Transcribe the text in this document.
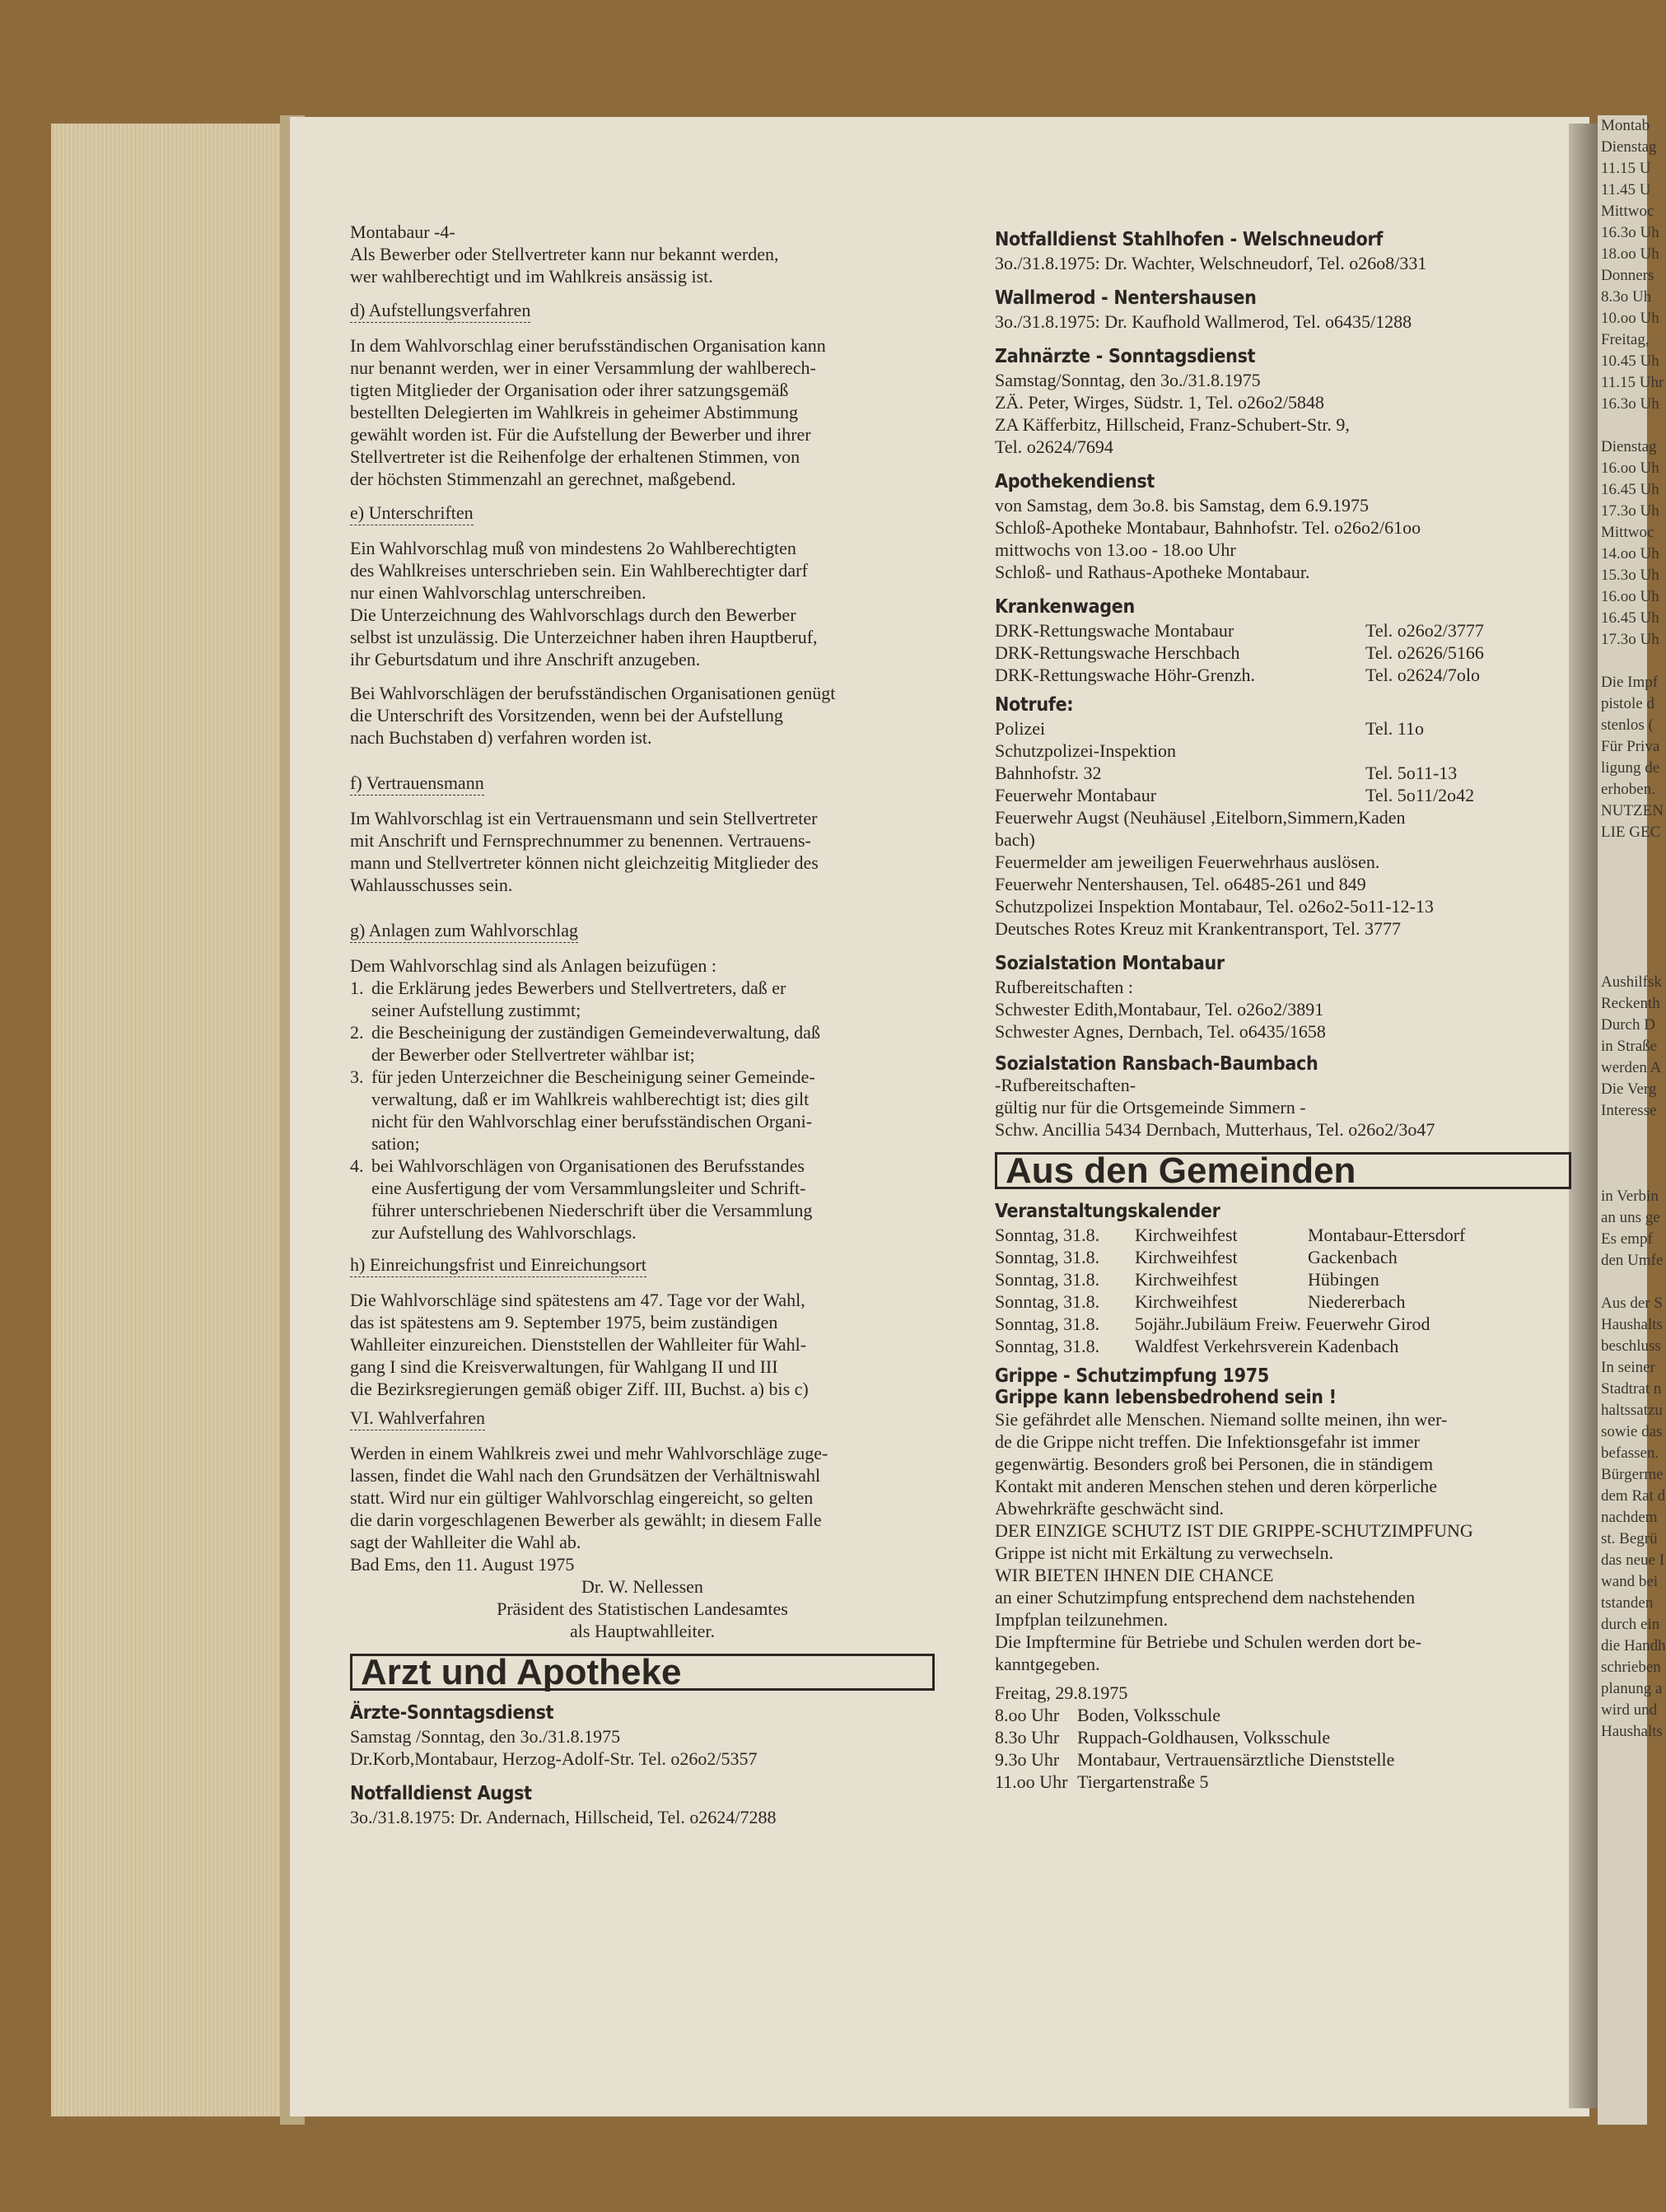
Montab
Dienstag
11.15 U
11.45 U
Mittwoc
16.3o Uh
18.oo Uh
Donners
8.3o Uh
10.oo Uh
Freitag,
10.45 Uh
11.15 Uhr
16.3o Uh

Dienstag
16.oo Uh
16.45 Uh
17.3o Uh
Mittwoc
14.oo Uh
15.3o Uh
16.oo Uh
16.45 Uh
17.3o Uh

Die Impf
pistole d
stenlos (
Für Priva
ligung de
erhoben.
NUTZEN
LIE GEC

Aushilfsk
Reckenth
Durch D
in Straße
werden A
Die Verg
Interesse

in Verbin
an uns ge
Es empf
den Umfe

Aus der S
Haushalts
beschluss
In seiner
Stadtrat n
haltssatzu
sowie das
befassen.
Bürgerme
dem Rat d
nachdem
st. Begrü
das neue I
wand bei
tstanden
durch ein
die Handh
schrieben
planung a
wird und
Haushalts
Montabaur -4-
Als Bewerber oder Stellvertreter kann nur bekannt werden,
wer wahlberechtigt und im Wahlkreis ansässig ist.
d) Aufstellungsverfahren
In dem Wahlvorschlag einer berufsständischen Organisation kann
nur benannt werden, wer in einer Versammlung der wahlberech-
tigten Mitglieder der Organisation oder ihrer satzungsgemäß
bestellten Delegierten im Wahlkreis in geheimer Abstimmung
gewählt worden ist. Für die Aufstellung der Bewerber und ihrer
Stellvertreter ist die Reihenfolge der erhaltenen Stimmen, von
der höchsten Stimmenzahl an gerechnet, maßgebend.
e) Unterschriften
Ein Wahlvorschlag muß von mindestens 2o Wahlberechtigten
des Wahlkreises unterschrieben sein. Ein Wahlberechtigter darf
nur einen Wahlvorschlag unterschreiben.
Die Unterzeichnung des Wahlvorschlags durch den Bewerber
selbst ist unzulässig. Die Unterzeichner haben ihren Hauptberuf,
ihr Geburtsdatum und ihre Anschrift anzugeben.
Bei Wahlvorschlägen der berufsständischen Organisationen genügt
die Unterschrift des Vorsitzenden, wenn bei der Aufstellung
nach Buchstaben d) verfahren worden ist.
f) Vertrauensmann
Im Wahlvorschlag ist ein Vertrauensmann und sein Stellvertreter
mit Anschrift und Fernsprechnummer zu benennen. Vertrauens-
mann und Stellvertreter können nicht gleichzeitig Mitglieder des
Wahlausschusses sein.
g) Anlagen zum Wahlvorschlag
Dem Wahlvorschlag sind als Anlagen beizufügen :
1. die Erklärung jedes Bewerbers und Stellvertreters, daß er
seiner Aufstellung zustimmt;
2. die Bescheinigung der zuständigen Gemeindeverwaltung, daß
der Bewerber oder Stellvertreter wählbar ist;
3. für jeden Unterzeichner die Bescheinigung seiner Gemeinde-
verwaltung, daß er im Wahlkreis wahlberechtigt ist; dies gilt
nicht für den Wahlvorschlag einer berufsständischen Organi-
sation;
4. bei Wahlvorschlägen von Organisationen des Berufsstandes
eine Ausfertigung der vom Versammlungsleiter und Schrift-
führer unterschriebenen Niederschrift über die Versammlung
zur Aufstellung des Wahlvorschlags.
h) Einreichungsfrist und Einreichungsort
Die Wahlvorschläge sind spätestens am 47. Tage vor der Wahl,
das ist spätestens am 9. September 1975, beim zuständigen
Wahlleiter einzureichen. Dienststellen der Wahlleiter für Wahl-
gang I sind die Kreisverwaltungen, für Wahlgang II und III
die Bezirksregierungen gemäß obiger Ziff. III, Buchst. a) bis c)
VI. Wahlverfahren
Werden in einem Wahlkreis zwei und mehr Wahlvorschläge zuge-
lassen, findet die Wahl nach den Grundsätzen der Verhältniswahl
statt. Wird nur ein gültiger Wahlvorschlag eingereicht, so gelten
die darin vorgeschlagenen Bewerber als gewählt; in diesem Falle
sagt der Wahlleiter die Wahl ab.
Bad Ems, den 11. August 1975
Dr. W. Nellessen
Präsident des Statistischen Landesamtes
als Hauptwahlleiter.
Arzt und Apotheke
Ärzte-Sonntagsdienst
Samstag /Sonntag, den 3o./31.8.1975
Dr.Korb,Montabaur, Herzog-Adolf-Str. Tel. o26o2/5357
Notfalldienst Augst
3o./31.8.1975: Dr. Andernach, Hillscheid, Tel. o2624/7288
Notfalldienst Stahlhofen - Welschneudorf
3o./31.8.1975: Dr. Wachter, Welschneudorf, Tel. o26o8/331
Wallmerod - Nentershausen
3o./31.8.1975: Dr. Kaufhold Wallmerod, Tel. o6435/1288
Zahnärzte - Sonntagsdienst
Samstag/Sonntag, den 3o./31.8.1975
ZÄ. Peter, Wirges, Südstr. 1, Tel. o26o2/5848
ZA Käfferbitz, Hillscheid, Franz-Schubert-Str. 9,
Tel. o2624/7694
Apothekendienst
von Samstag, dem 3o.8. bis Samstag, dem 6.9.1975
Schloß-Apotheke Montabaur, Bahnhofstr. Tel. o26o2/61oo
mittwochs von 13.oo - 18.oo Uhr
Schloß- und Rathaus-Apotheke Montabaur.
Krankenwagen
DRK-Rettungswache Montabaur	Tel. o26o2/3777
DRK-Rettungswache Herschbach	Tel. o2626/5166
DRK-Rettungswache Höhr-Grenzh.	Tel. o2624/7olo
Notrufe:
Polizei	Tel. 11o
Schutzpolizei-Inspektion
Bahnhofstr. 32	Tel. 5o11-13
Feuerwehr Montabaur	Tel. 5o11/2o42
Feuerwehr Augst (Neuhäusel ,Eitelborn,Simmern,Kaden
bach)
Feuermelder am jeweiligen Feuerwehrhaus auslösen.
Feuerwehr Nentershausen, Tel. o6485-261 und 849
Schutzpolizei Inspektion Montabaur, Tel. o26o2-5o11-12-13
Deutsches Rotes Kreuz mit Krankentransport, Tel. 3777
Sozialstation Montabaur
Rufbereitschaften :
Schwester Edith,Montabaur, Tel. o26o2/3891
Schwester Agnes, Dernbach, Tel. o6435/1658
Sozialstation Ransbach-Baumbach
-Rufbereitschaften-
gültig nur für die Ortsgemeinde Simmern -
Schw. Ancillia 5434 Dernbach, Mutterhaus, Tel. o26o2/3o47
Aus den Gemeinden
Veranstaltungskalender
Sonntag, 31.8.	Kirchweihfest	Montabaur-Ettersdorf
Sonntag, 31.8.	Kirchweihfest	Gackenbach
Sonntag, 31.8.	Kirchweihfest	Hübingen
Sonntag, 31.8.	Kirchweihfest	Niedererbach
Sonntag, 31.8.	5ojähr.Jubiläum Freiw. Feuerwehr Girod
Sonntag, 31.8.	Waldfest Verkehrsverein Kadenbach
Grippe - Schutzimpfung 1975
Grippe kann lebensbedrohend sein !
Sie gefährdet alle Menschen. Niemand sollte meinen, ihn wer-
de die Grippe nicht treffen. Die Infektionsgefahr ist immer
gegenwärtig. Besonders groß bei Personen, die in ständigem
Kontakt mit anderen Menschen stehen und deren körperliche
Abwehrkräfte geschwächt sind.
DER EINZIGE SCHUTZ IST DIE GRIPPE-SCHUTZIMPFUNG
Grippe ist nicht mit Erkältung zu verwechseln.
WIR BIETEN IHNEN DIE CHANCE
an einer Schutzimpfung entsprechend dem nachstehenden
Impfplan teilzunehmen.
Die Impftermine für Betriebe und Schulen werden dort be-
kanntgegeben.
Freitag, 29.8.1975
8.oo Uhr Boden, Volksschule
8.3o Uhr Ruppach-Goldhausen, Volksschule
9.3o Uhr Montabaur, Vertrauensärztliche Dienststelle
11.oo Uhr Tiergartenstraße 5
